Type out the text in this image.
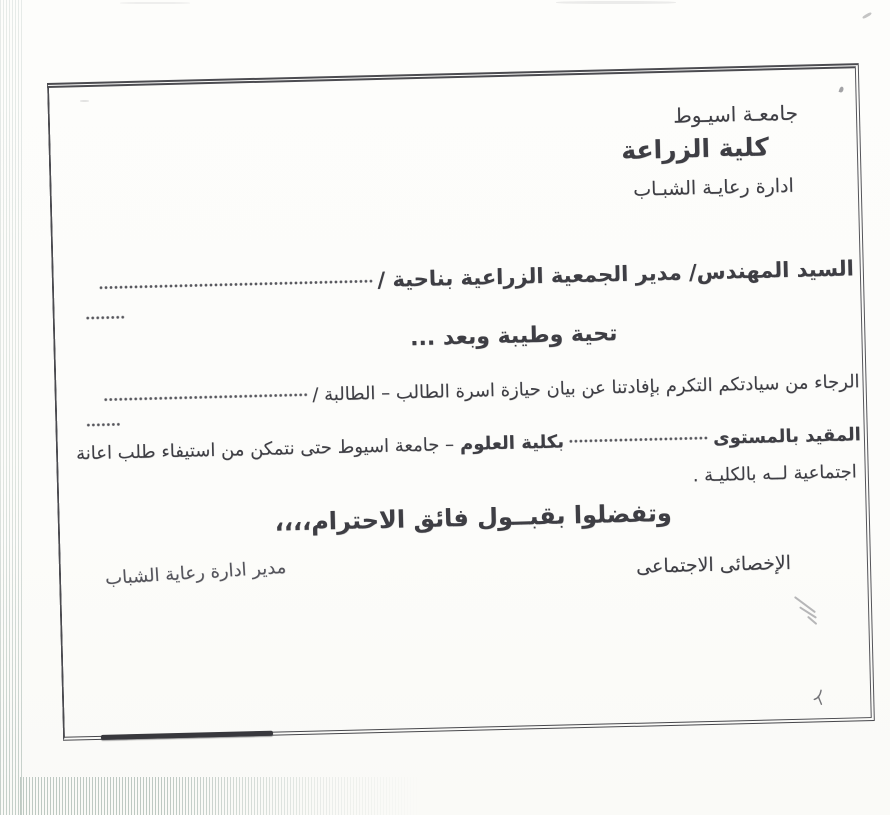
جامعـة اسيـوط
كلية الزراعة
ادارة رعايـة الشبـاب
السيد المهندس/ مدير الجمعية الزراعية بناحية /
تحية وطيبة وبعد ...
الرجاء من سيادتكم التكرم بإفادتنا عن بيان حيازة اسرة الطالب – الطالبة /
المقيد بالمستوى
بكلية العلوم
– جامعة اسيوط حتى نتمكن من استيفاء طلب اعانة
اجتماعية لــه بالكليـة .
وتفضلوا بقبــول فائق الاحترام،،،،
الإخصائى الاجتماعى
مدير ادارة رعاية الشباب
